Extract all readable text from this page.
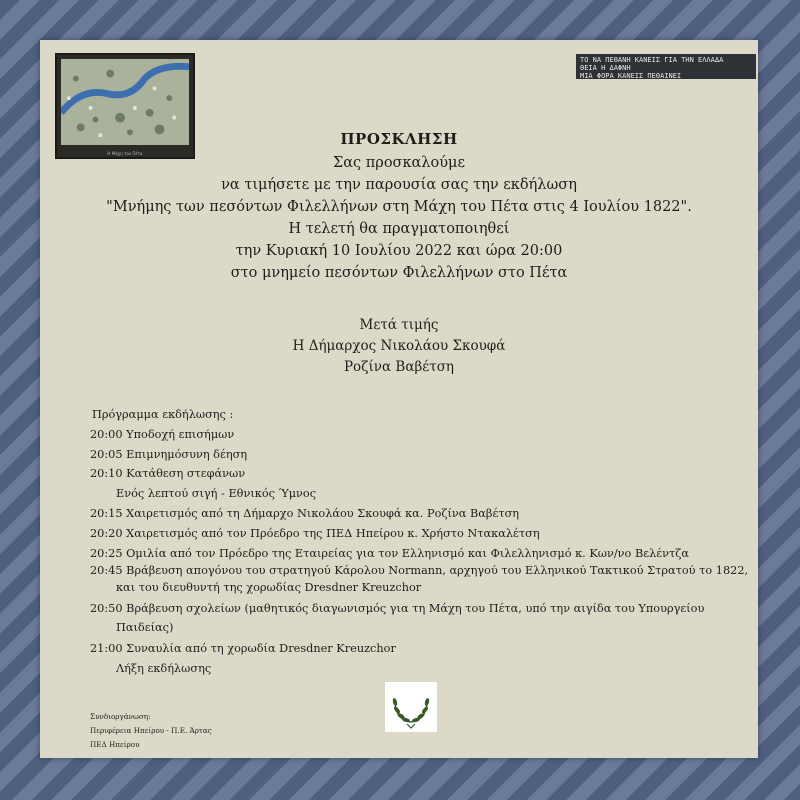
Η Μάχη του Πέτα
ΤΟ ΝΑ ΠΕΘΑΝΗ ΚΑΝΕΙΣ ΓΙΑ ΤΗΝ ΕΛΛΑΔΑ
ΘΕΙΑ Η ΔΑΦΝΗ
ΜΙΑ ΦΟΡΑ ΚΑΝΕΙΣ ΠΕΘΑΙΝΕΙ
ΠΡΟΣΚΛΗΣΗ
Σας προσκαλούμε
να τιμήσετε με την παρουσία σας την εκδήλωση
"Μνήμης των πεσόντων Φιλελλήνων στη Μάχη του Πέτα στις 4 Ιουλίου 1822".
Η τελετή θα πραγματοποιηθεί
την Κυριακή 10 Ιουλίου 2022 και ώρα 20:00
στο μνημείο πεσόντων Φιλελλήνων στο Πέτα
Μετά τιμής
Η Δήμαρχος Νικολάου Σκουφά
Ροζίνα Βαβέτση
Πρόγραμμα εκδήλωσης :
20:00 Υποδοχή επισήμων
20:05 Επιμνημόσυνη δέηση
20:10 Κατάθεση στεφάνων
Ενός λεπτού σιγή - Εθνικός Ύμνος
20:15 Χαιρετισμός από τη Δήμαρχο Νικολάου Σκουφά κα. Ροζίνα Βαβέτση
20:20 Χαιρετισμός από τον Πρόεδρο της ΠΕΔ Ηπείρου κ. Χρήστο Ντακαλέτση
20:25 Ομιλία από τον Πρόεδρο της Εταιρείας για τον Ελληνισμό και Φιλελληνισμό κ. Κων/νο Βελέντζα
20:45 Βράβευση απογόνου του στρατηγού Κάρολου Normann, αρχηγού του Ελληνικού Τακτικού Στρατού το 1822,
και του διευθυντή της χορωδίας Dresdner Kreuzchor
20:50 Βράβευση σχολείων (μαθητικός διαγωνισμός για τη Μάχη του Πέτα, υπό την αιγίδα του Υπουργείου
Παιδείας)
21:00 Συναυλία από τη χορωδία Dresdner Kreuzchor
Λήξη εκδήλωσης
Συνδιοργάνωση:
Περιφέρεια Ηπείρου - Π.Ε. Άρτας
ΠΕΔ Ηπείρου
